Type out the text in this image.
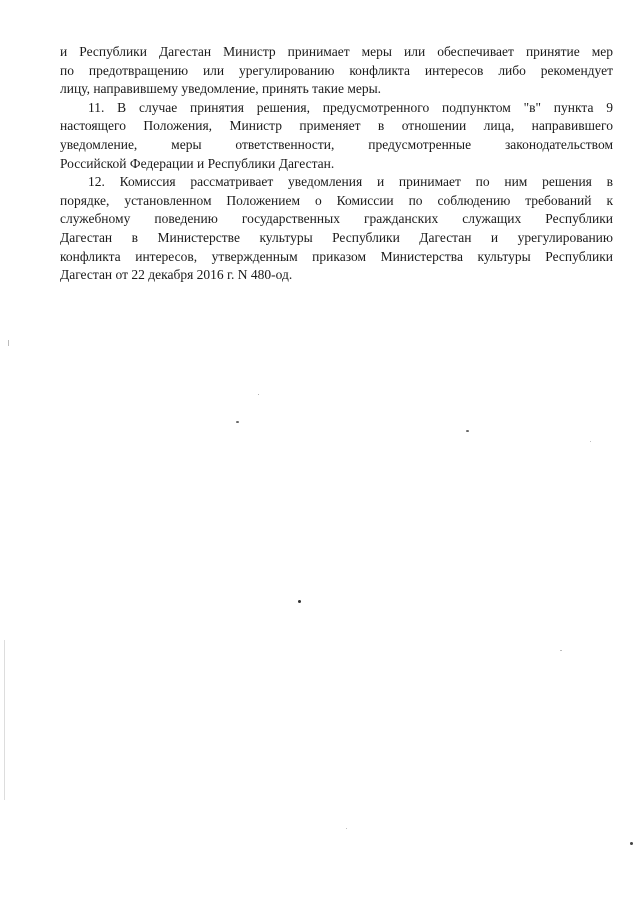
и Республики Дагестан Министр принимает меры или обеспечивает принятие мер
по предотвращению или урегулированию конфликта интересов либо рекомендует
лицу, направившему уведомление, принять такие меры.

11. В случае принятия решения, предусмотренного подпунктом "в" пункта 9
настоящего Положения, Министр применяет в отношении лица, направившего
уведомление, меры ответственности, предусмотренные законодательством
Российской Федерации и Республики Дагестан.

12. Комиссия рассматривает уведомления и принимает по ним решения в
порядке, установленном Положением о Комиссии по соблюдению требований к
служебному поведению государственных гражданских служащих Республики
Дагестан в Министерстве культуры Республики Дагестан и урегулированию
конфликта интересов, утвержденным приказом Министерства культуры Республики
Дагестан от 22 декабря 2016 г. N 480-од.
